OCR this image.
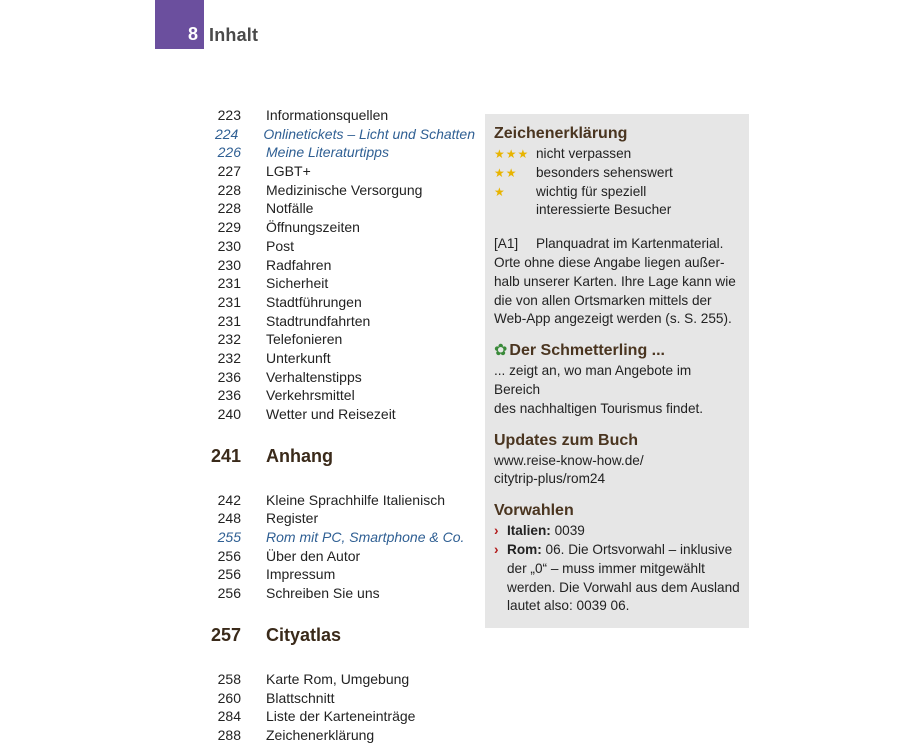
8 Inhalt
223 Informationsquellen
224 Onlinetickets – Licht und Schatten
226 Meine Literaturtipps
227 LGBT+
228 Medizinische Versorgung
228 Notfälle
229 Öffnungszeiten
230 Post
230 Radfahren
231 Sicherheit
231 Stadtführungen
231 Stadtrundfahrten
232 Telefonieren
232 Unterkunft
236 Verhaltenstipps
236 Verkehrsmittel
240 Wetter und Reisezeit
241 Anhang
242 Kleine Sprachhilfe Italienisch
248 Register
255 Rom mit PC, Smartphone & Co.
256 Über den Autor
256 Impressum
256 Schreiben Sie uns
257 Cityatlas
258 Karte Rom, Umgebung
260 Blattschnitt
284 Liste der Karteneinträge
288 Zeichenerklärung
Zeichenerklärung
★★★ nicht verpassen
★★	besonders sehenswert
★	wichtig für speziell
interessierte Besucher
[A1]	Planquadrat im Kartenmaterial.

Orte ohne diese Angabe liegen außer-

halb unserer Karten. Ihre Lage kann wie

die von allen Ortsmarken mittels der

Web-App angezeigt werden (s. S. 255).

✿ Der Schmetterling ...

... zeigt an, wo man Angebote im Bereich

des nachhaltigen Tourismus findet.

Updates zum Buch

www.reise-know-how.de/

citytrip-plus/rom24

Vorwahlen
› Italien: 0039
› Rom: 06. Die Ortsvorwahl – inklusive
der „0“ – muss immer mitgewählt
werden. Die Vorwahl aus dem Ausland
lautet also: 0039 06.
